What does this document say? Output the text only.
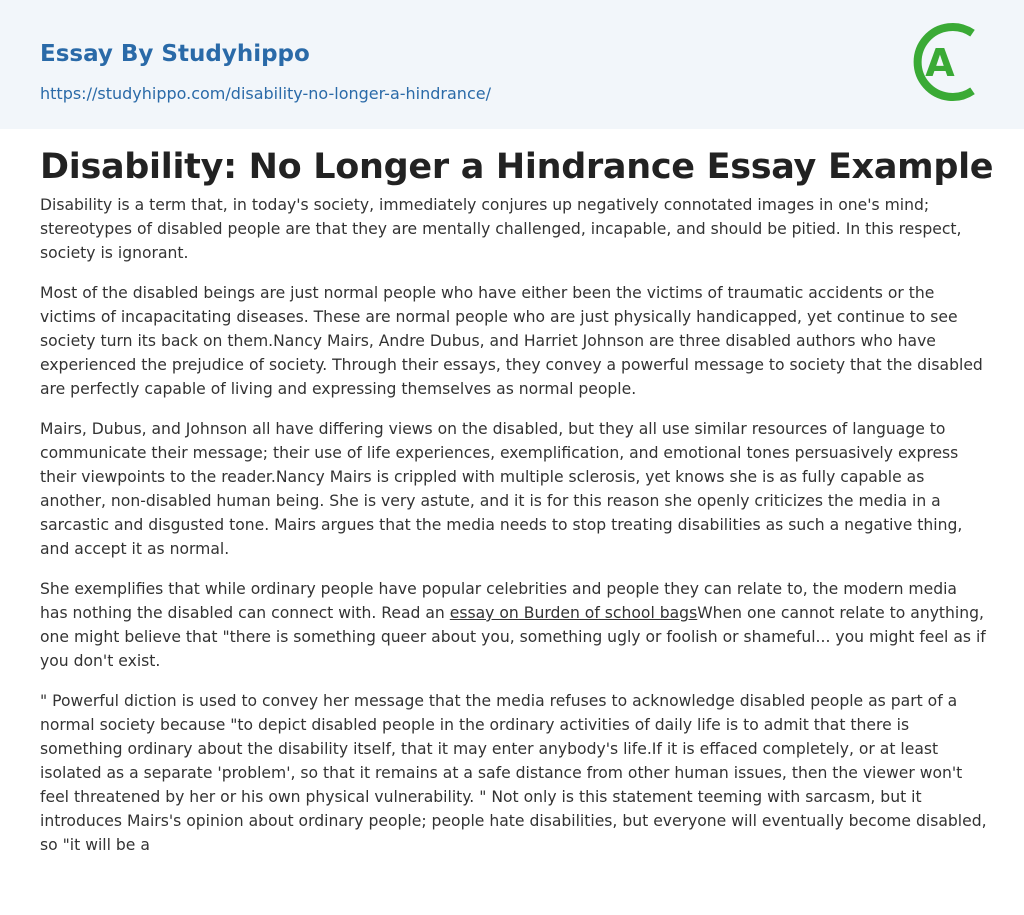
Essay By Studyhippo
https://studyhippo.com/disability-no-longer-a-hindrance/
A
Disability: No Longer a Hindrance Essay Example

Disability is a term that, in today's society, immediately conjures up negatively connotated images in one's mind; stereotypes of disabled people are that they are mentally challenged, incapable, and should be pitied. In this respect, society is ignorant.

Most of the disabled beings are just normal people who have either been the victims of traumatic accidents or the victims of incapacitating diseases. These are normal people who are just physically handicapped, yet continue to see society turn its back on them.Nancy Mairs, Andre Dubus, and Harriet Johnson are three disabled authors who have experienced the prejudice of society. Through their essays, they convey a powerful message to society that the disabled are perfectly capable of living and expressing themselves as normal people.

Mairs, Dubus, and Johnson all have differing views on the disabled, but they all use similar resources of language to communicate their message; their use of life experiences, exemplification, and emotional tones persuasively express their viewpoints to the reader.Nancy Mairs is crippled with multiple sclerosis, yet knows she is as fully capable as another, non-disabled human being. She is very astute, and it is for this reason she openly criticizes the media in a sarcastic and disgusted tone. Mairs argues that the media needs to stop treating disabilities as such a negative thing, and accept it as normal.

She exemplifies that while ordinary people have popular celebrities and people they can relate to, the modern media has nothing the disabled can connect with. Read an essay on Burden of school bagsWhen one cannot relate to anything, one might believe that "there is something queer about you, something ugly or foolish or shameful... you might feel as if you don't exist.

" Powerful diction is used to convey her message that the media refuses to acknowledge disabled people as part of a normal society because "to depict disabled people in the ordinary activities of daily life is to admit that there is something ordinary about the disability itself, that it may enter anybody's life.If it is effaced completely, or at least isolated as a separate 'problem', so that it remains at a safe distance from other human issues, then the viewer won't feel threatened by her or his own physical vulnerability. " Not only is this statement teeming with sarcasm, but it introduces Mairs's opinion about ordinary people; people hate disabilities, but everyone will eventually become disabled, so "it will be a
